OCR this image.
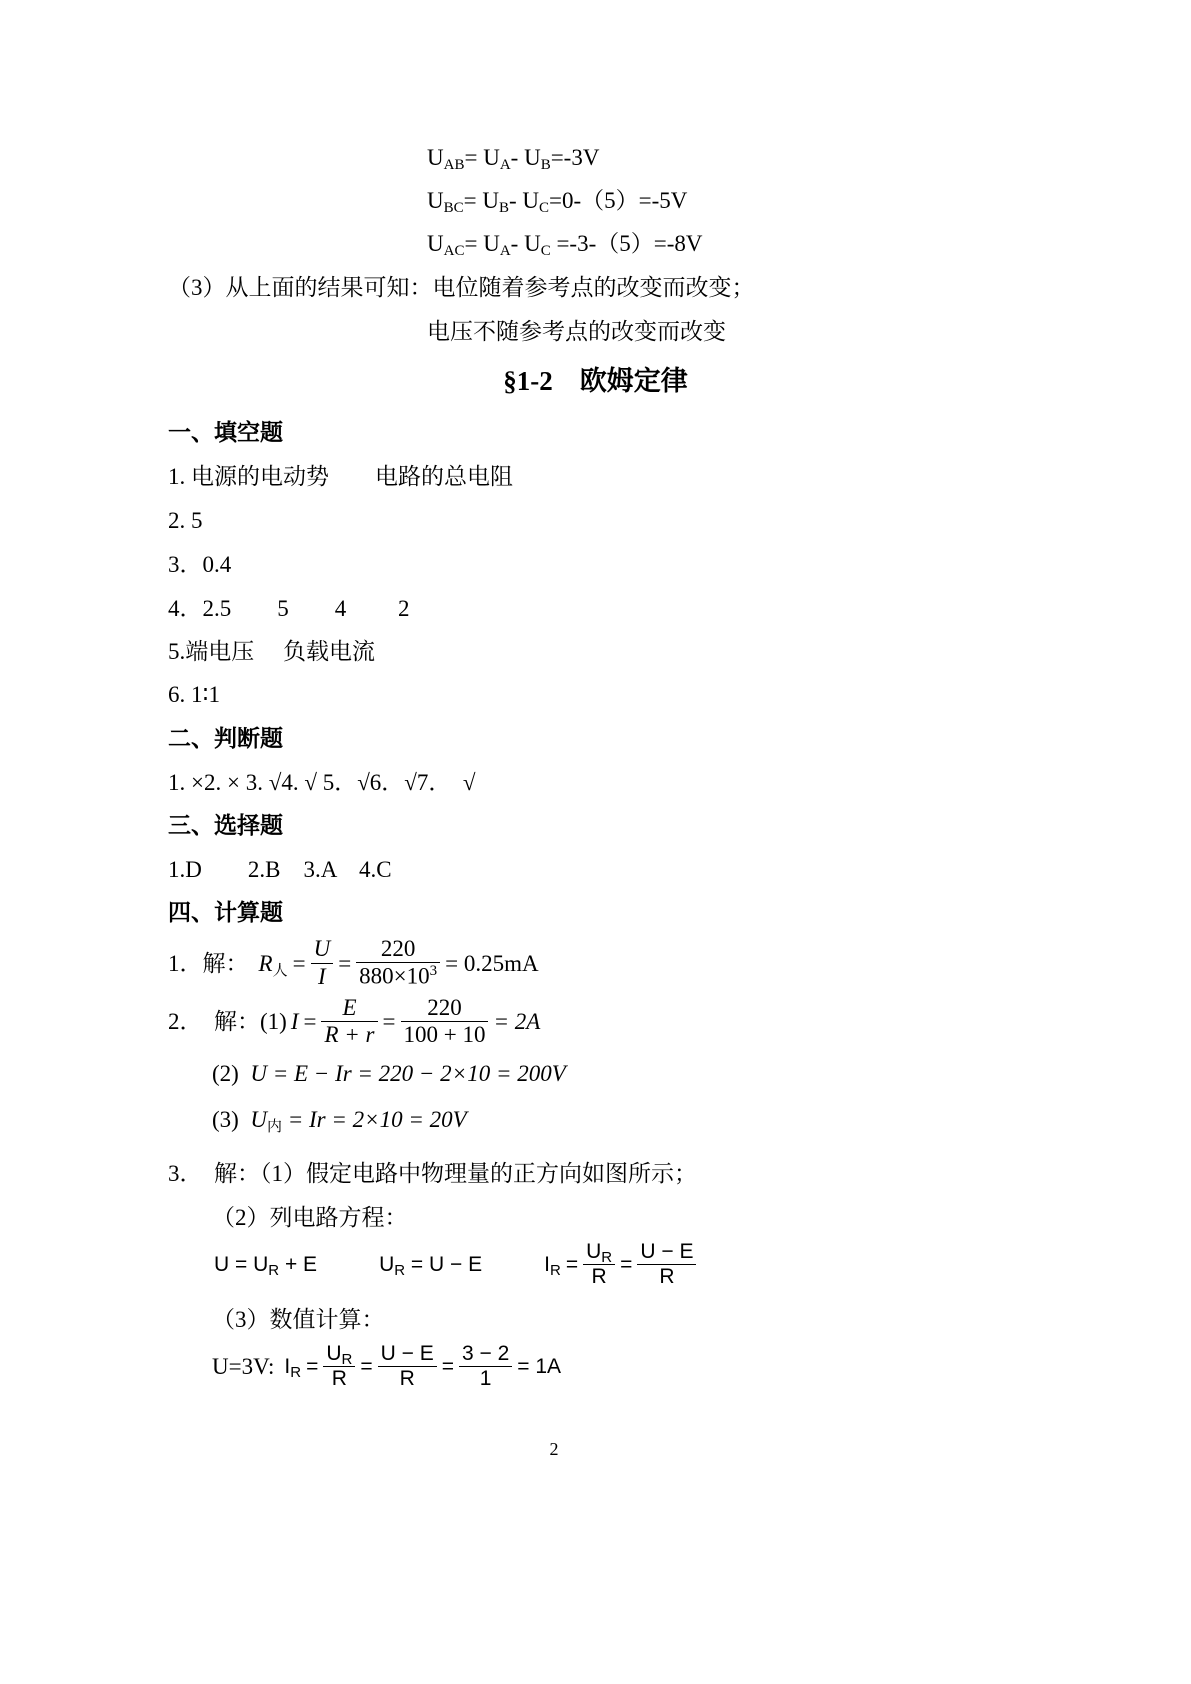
$U_{AB}= U_A-$ $U_B=-3V$
$U_{BC}= U_B-$ $U_C=0-(5)=-5V$
$U_{AC}= U_A-$ $U_C =-3-(5)=-8V$
（3）从上面的结果可知：电位随着参考点的改变而改变；
电压不随参考点的改变而改变
§1-2　欧姆定律
一、填空题
1. 电源的电动势　　电路的总电阻
2. 5
3．0.4
4．2.5　　5　　4　　 2
5.端电压　 负载电流
6. 1∶1
二、判断题
1. ×2. × 3. √4. √ 5．√6．√7．　√
三、选择题
1.D　　2.B　3.A　4.C
四、计算题
1．解： $R_人 = \frac{U}{I} = \frac{220}{880\times 10^3} = 0.25mA$
2．　解：(1) $I = \frac{E}{R + r} = \frac{220}{100 + 10} = 2A$
(2) U = E − Ir = 220 − 2×10 = 200V
(3) $U_内 = Ir = 2\times 10 = 20V$
3．　解：（1）假定电路中物理量的正方向如图所示；
（2）列电路方程：
$U = U_R + E$	$U_R = U - E$	$I_R = \frac{U_R}{R} = \frac{U - E}{R}$
（3）数值计算：
U=3V: $I_R = \frac{U_R}{R} = \frac{U - E}{R} = \frac{3 - 2}{1} = 1A$
2
